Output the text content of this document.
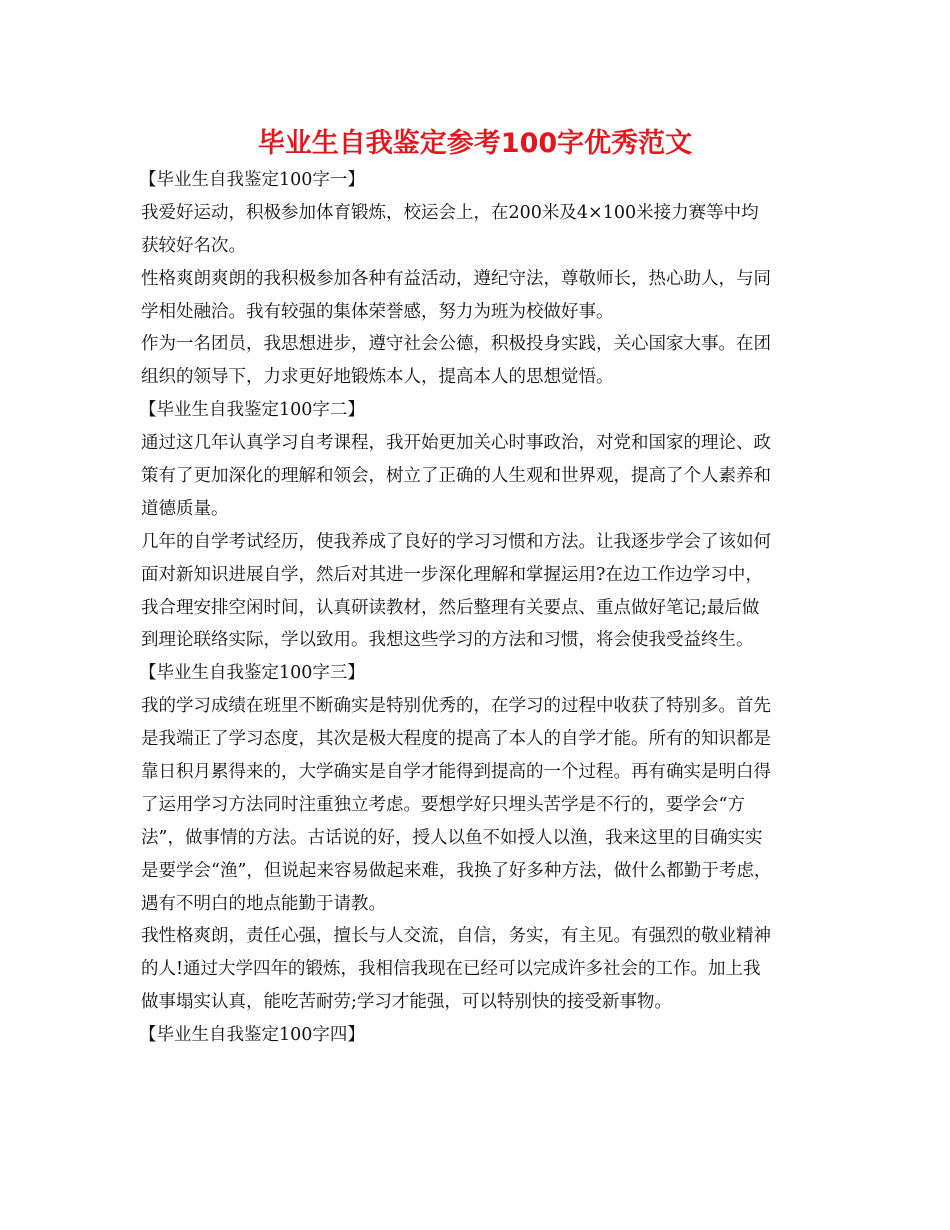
毕业生自我鉴定参考100字优秀范文
【毕业生自我鉴定100字一】
我爱好运动，积极参加体育锻炼，校运会上，在200米及4×100米接力赛等中均
获较好名次。
性格爽朗爽朗的我积极参加各种有益活动，遵纪守法，尊敬师长，热心助人，与同
学相处融洽。我有较强的集体荣誉感，努力为班为校做好事。
作为一名团员，我思想进步，遵守社会公德，积极投身实践，关心国家大事。在团
组织的领导下，力求更好地锻炼本人，提高本人的思想觉悟。
【毕业生自我鉴定100字二】
通过这几年认真学习自考课程，我开始更加关心时事政治，对党和国家的理论、政
策有了更加深化的理解和领会，树立了正确的人生观和世界观，提高了个人素养和
道德质量。
几年的自学考试经历，使我养成了良好的学习习惯和方法。让我逐步学会了该如何
面对新知识进展自学，然后对其进一步深化理解和掌握运用?在边工作边学习中，
我合理安排空闲时间，认真研读教材，然后整理有关要点、重点做好笔记;最后做
到理论联络实际，学以致用。我想这些学习的方法和习惯，将会使我受益终生。
【毕业生自我鉴定100字三】
我的学习成绩在班里不断确实是特别优秀的，在学习的过程中收获了特别多。首先
是我端正了学习态度，其次是极大程度的提高了本人的自学才能。所有的知识都是
靠日积月累得来的，大学确实是自学才能得到提高的一个过程。再有确实是明白得
了运用学习方法同时注重独立考虑。要想学好只埋头苦学是不行的，要学会“方
法”，做事情的方法。古话说的好，授人以鱼不如授人以渔，我来这里的目确实实
是要学会“渔”，但说起来容易做起来难，我换了好多种方法，做什么都勤于考虑，
遇有不明白的地点能勤于请教。
我性格爽朗，责任心强，擅长与人交流，自信，务实，有主见。有强烈的敬业精神
的人!通过大学四年的锻炼，我相信我现在已经可以完成许多社会的工作。加上我
做事塌实认真，能吃苦耐劳;学习才能强，可以特别快的接受新事物。
【毕业生自我鉴定100字四】
